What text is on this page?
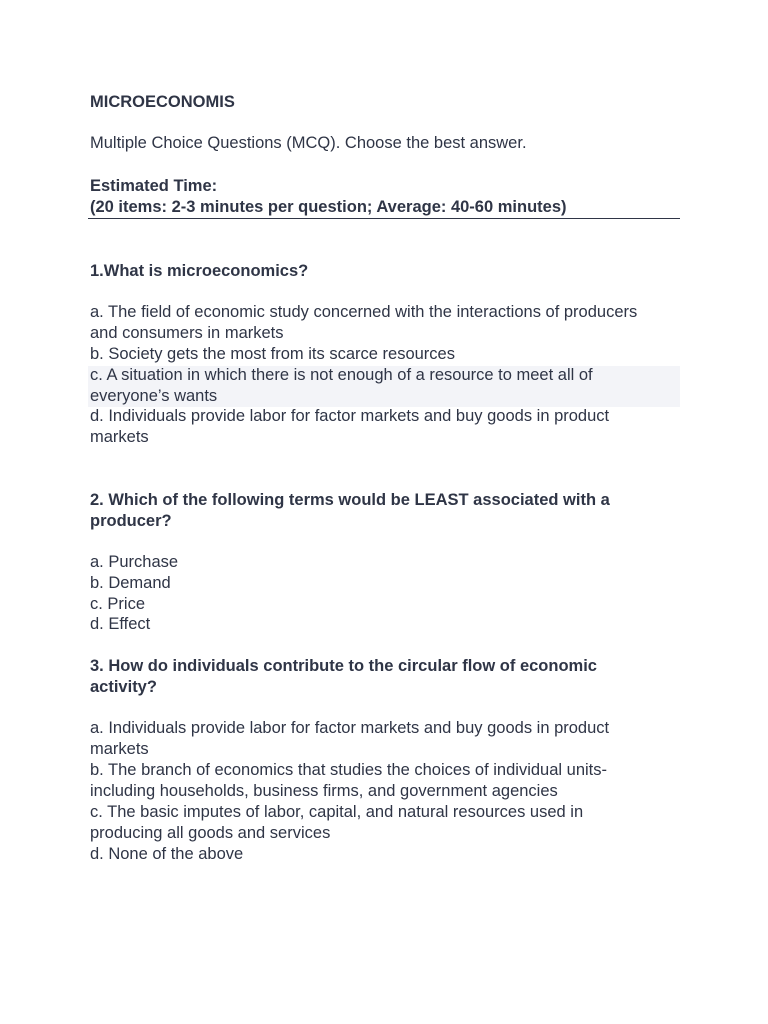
MICROECONOMIS
Multiple Choice Questions (MCQ). Choose the best answer.
Estimated Time:
(20 items: 2-3 minutes per question; Average: 40-60 minutes)
1.What is microeconomics?
a. The field of economic study concerned with the interactions of producers
and consumers in markets
b. Society gets the most from its scarce resources
c. A situation in which there is not enough of a resource to meet all of
everyone’s wants
d. Individuals provide labor for factor markets and buy goods in product
markets
2. Which of the following terms would be LEAST associated with a
producer?
a. Purchase
b. Demand
c. Price
d. Effect
3. How do individuals contribute to the circular flow of economic
activity?
a. Individuals provide labor for factor markets and buy goods in product
markets
b. The branch of economics that studies the choices of individual units-
including households, business firms, and government agencies
c. The basic imputes of labor, capital, and natural resources used in
producing all goods and services
d. None of the above
